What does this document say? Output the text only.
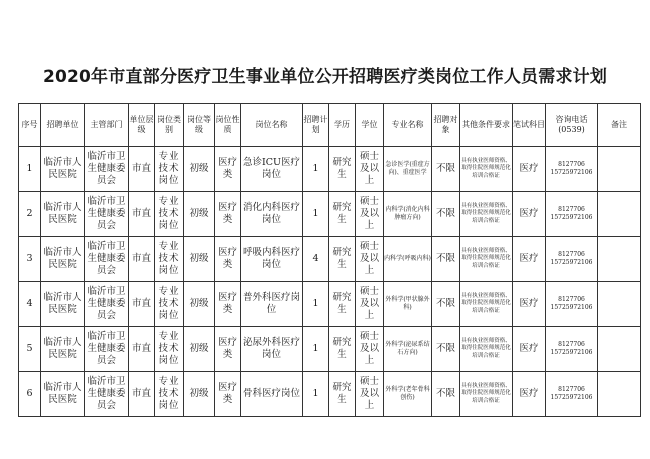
2020年市直部分医疗卫生事业单位公开招聘医疗类岗位工作人员需求计划
序号	招聘单位	主管部门	单位层级	岗位类别	岗位等级	岗位性质	岗位名称	招聘计划	学历	学位	专业名称	招聘对象	其他条件要求	笔试科目	咨询电话(0539)	备注
1	临沂市人民医院	临沂市卫生健康委员会	市直	专业技术岗位	初级	医疗类	急诊ICU医疗岗位	1	研究生	硕士及以上	急诊医学(重症方向)、重症医学	不限	具有执业医师资格、取得住院医师规范化培训合格证	医疗	8127706 15725972106	
2	临沂市人民医院	临沂市卫生健康委员会	市直	专业技术岗位	初级	医疗类	消化内科医疗岗位	1	研究生	硕士及以上	内科学(消化内科肿瘤方向)	不限	具有执业医师资格、取得住院医师规范化培训合格证	医疗	8127706 15725972106	
3	临沂市人民医院	临沂市卫生健康委员会	市直	专业技术岗位	初级	医疗类	呼吸内科医疗岗位	4	研究生	硕士及以上	内科学(呼吸内科)	不限	具有执业医师资格、取得住院医师规范化培训合格证	医疗	8127706 15725972106	
4	临沂市人民医院	临沂市卫生健康委员会	市直	专业技术岗位	初级	医疗类	普外科医疗岗位	1	研究生	硕士及以上	外科学(甲状腺外科)	不限	具有执业医师资格、取得住院医师规范化培训合格证	医疗	8127706 15725972106	
5	临沂市人民医院	临沂市卫生健康委员会	市直	专业技术岗位	初级	医疗类	泌尿外科医疗岗位	1	研究生	硕士及以上	外科学(泌尿系结石方向)	不限	具有执业医师资格、取得住院医师规范化培训合格证	医疗	8127706 15725972106	
6	临沂市人民医院	临沂市卫生健康委员会	市直	专业技术岗位	初级	医疗类	骨科医疗岗位	1	研究生	硕士及以上	外科学(老年骨科创伤)	不限	具有执业医师资格、取得住院医师规范化培训合格证	医疗	8127706 15725972106	
